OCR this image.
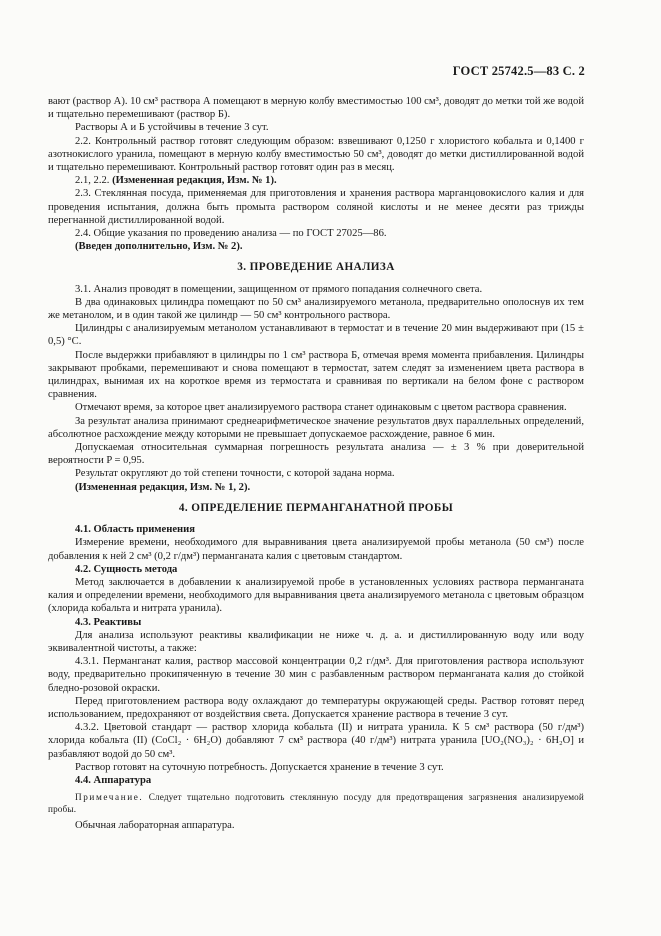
ГОСТ 25742.5—83 С. 2

вают (раствор А). 10 см³ раствора А помещают в мерную колбу вместимостью 100 см³, доводят до метки той же водой и тщательно перемешивают (раствор Б).

Растворы А и Б устойчивы в течение 3 сут.

2.2. Контрольный раствор готовят следующим образом: взвешивают 0,1250 г хлористого кобальта и 0,1400 г азотнокислого уранила, помещают в мерную колбу вместимостью 50 см³, доводят до метки дистиллированной водой и тщательно перемешивают. Контрольный раствор готовят один раз в месяц.

2.1, 2.2. (Измененная редакция, Изм. № 1).

2.3. Стеклянная посуда, применяемая для приготовления и хранения раствора марганцовокислого калия и для проведения испытания, должна быть промыта раствором соляной кислоты и не менее десяти раз трижды перегнанной дистиллированной водой.

2.4. Общие указания по проведению анализа — по ГОСТ 27025—86.

(Введен дополнительно, Изм. № 2).

3. ПРОВЕДЕНИЕ АНАЛИЗА

3.1. Анализ проводят в помещении, защищенном от прямого попадания солнечного света.

В два одинаковых цилиндра помещают по 50 см³ анализируемого метанола, предварительно ополоснув их тем же метанолом, и в один такой же цилиндр — 50 см³ контрольного раствора.

Цилиндры с анализируемым метанолом устанавливают в термостат и в течение 20 мин выдерживают при (15 ± 0,5) °С.

После выдержки прибавляют в цилиндры по 1 см³ раствора Б, отмечая время момента прибавления. Цилиндры закрывают пробками, перемешивают и снова помещают в термостат, затем следят за изменением цвета раствора в цилиндрах, вынимая их на короткое время из термостата и сравнивая по вертикали на белом фоне с раствором сравнения.

Отмечают время, за которое цвет анализируемого раствора станет одинаковым с цветом раствора сравнения.

За результат анализа принимают среднеарифметическое значение результатов двух параллельных определений, абсолютное расхождение между которыми не превышает допускаемое расхождение, равное 6 мин.

Допускаемая относительная суммарная погрешность результата анализа — ± 3 % при доверительной вероятности P = 0,95.

Результат округляют до той степени точности, с которой задана норма.

(Измененная редакция, Изм. № 1, 2).

4. ОПРЕДЕЛЕНИЕ ПЕРМАНГАНАТНОЙ ПРОБЫ

4.1. Область применения

Измерение времени, необходимого для выравнивания цвета анализируемой пробы метанола (50 см³) после добавления к ней 2 см³ (0,2 г/дм³) перманганата калия с цветовым стандартом.

4.2. Сущность метода

Метод заключается в добавлении к анализируемой пробе в установленных условиях раствора перманганата калия и определении времени, необходимого для выравнивания цвета анализируемого метанола с цветовым образцом (хлорида кобальта и нитрата уранила).

4.3. Реактивы

Для анализа используют реактивы квалификации не ниже ч. д. а. и дистиллированную воду или воду эквивалентной чистоты, а также:

4.3.1. Перманганат калия, раствор массовой концентрации 0,2 г/дм³. Для приготовления раствора используют воду, предварительно прокипяченную в течение 30 мин с разбавленным раствором перманганата калия до стойкой бледно-розовой окраски.

Перед приготовлением раствора воду охлаждают до температуры окружающей среды. Раствор готовят перед использованием, предохраняют от воздействия света. Допускается хранение раствора в течение 3 сут.

4.3.2. Цветовой стандарт — раствор хлорида кобальта (II) и нитрата уранила. К 5 см³ раствора (50 г/дм³) хлорида кобальта (II) (CoCl₂ · 6H₂O) добавляют 7 см³ раствора (40 г/дм³) нитрата уранила [UO₂(NO₃)₂ · 6H₂O] и разбавляют водой до 50 см³.

Раствор готовят на суточную потребность. Допускается хранение в течение 3 сут.

4.4. Аппаратура

Примечание. Следует тщательно подготовить стеклянную посуду для предотвращения загрязнения анализируемой пробы.

Обычная лабораторная аппаратура.
